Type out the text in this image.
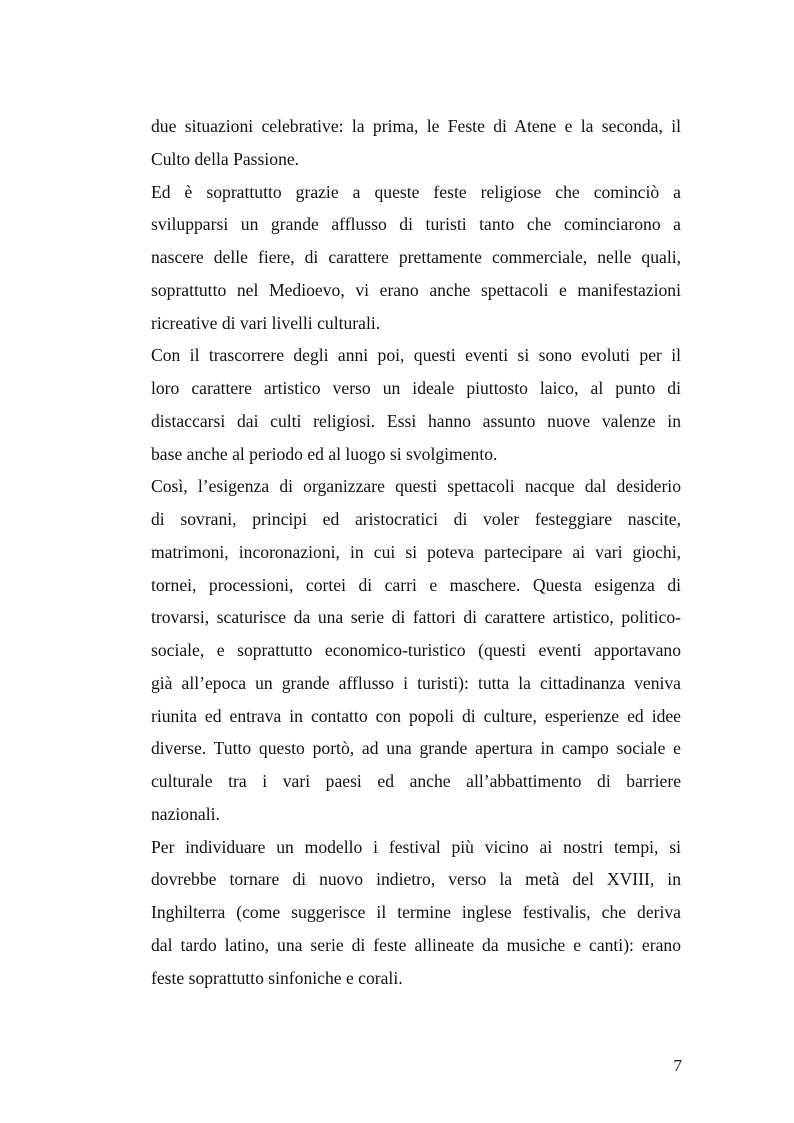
due situazioni celebrative: la prima, le Feste di Atene e la seconda, il
Culto della Passione.
Ed è soprattutto grazie a queste feste religiose che cominciò a
svilupparsi un grande afflusso di turisti tanto che cominciarono a
nascere delle fiere, di carattere prettamente commerciale, nelle quali,
soprattutto nel Medioevo, vi erano anche spettacoli e manifestazioni
ricreative di vari livelli culturali.
Con il trascorrere degli anni poi, questi eventi si sono evoluti per il
loro carattere artistico verso un ideale piuttosto laico, al punto di
distaccarsi dai culti religiosi. Essi hanno assunto nuove valenze in
base anche al periodo ed al luogo si svolgimento.
Così, l’esigenza di organizzare questi spettacoli nacque dal desiderio
di sovrani, principi ed aristocratici di voler festeggiare nascite,
matrimoni, incoronazioni, in cui si poteva partecipare ai vari giochi,
tornei, processioni, cortei di carri e maschere. Questa esigenza di
trovarsi, scaturisce da una serie di fattori di carattere artistico, politico-
sociale, e soprattutto economico-turistico (questi eventi apportavano
già all’epoca un grande afflusso i turisti): tutta la cittadinanza veniva
riunita ed entrava in contatto con popoli di culture, esperienze ed idee
diverse. Tutto questo portò, ad una grande apertura in campo sociale e
culturale tra i vari paesi ed anche all’abbattimento di barriere
nazionali.
Per individuare un modello i festival più vicino ai nostri tempi, si
dovrebbe tornare di nuovo indietro, verso la metà del XVIII, in
Inghilterra (come suggerisce il termine inglese festivalis, che deriva
dal tardo latino, una serie di feste allineate da musiche e canti): erano
feste soprattutto sinfoniche e corali.
7
